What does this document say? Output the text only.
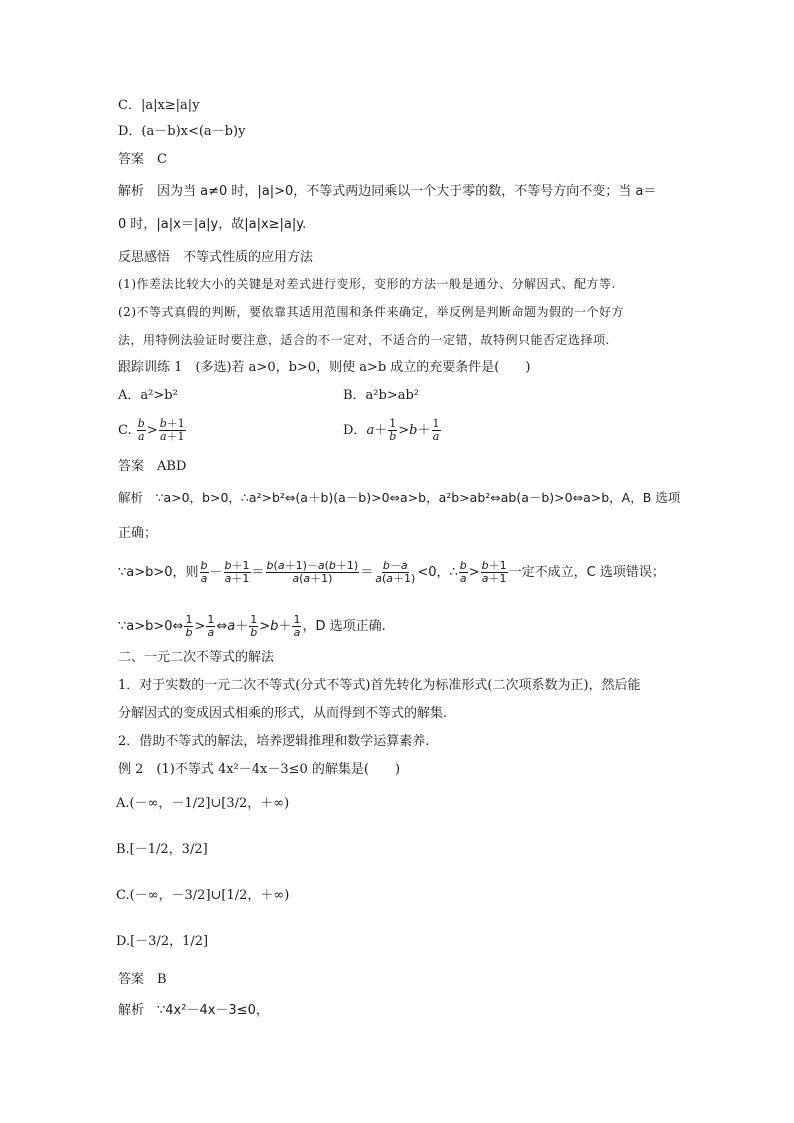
C．|a|x≥|a|y
D．(a－b)x<(a－b)y
答案　C
解析　因为当 a≠0 时，|a|>0，不等式两边同乘以一个大于零的数，不等号方向不变；当 a＝
0 时，|a|x＝|a|y，故|a|x≥|a|y.
反思感悟　不等式性质的应用方法
(1)作差法比较大小的关键是对差式进行变形，变形的方法一般是通分、分解因式、配方等.
(2)不等式真假的判断，要依靠其适用范围和条件来确定，举反例是判断命题为假的一个好方
法，用特例法验证时要注意，适合的不一定对，不适合的一定错，故特例只能否定选择项.
跟踪训练 1　(多选)若 a>0，b>0，则使 a>b 成立的充要条件是(　　)
A．a²>b²	B．a²b>ab²
C. $\frac{b}{a} > \frac{b+1}{a+1}$	D．$a+ \frac{1}{b} >b+ \frac{1}{a}$
答案　ABD
解析　∵a>0，b>0，∴a²>b²⇔(a＋b)(a－b)>0⇔a>b，a²b>ab²⇔ab(a－b)>0⇔a>b，A，B 选项
正确；
∵a>b>0，则 $\frac{b}{a} - \frac{b+1}{a+1} = \frac{b(a+1)-a(b+1)}{a(a+1)} = \frac{b-a}{a(a+1)} <0$，∴ $\frac{b}{a} > \frac{b+1}{a+1}$ 一定不成立，C 选项错误；
∵a>b>0⇔ $\frac{1}{b} > \frac{1}{a}$ ⇔a＋ $\frac{1}{b} >b+ \frac{1}{a}$ ，D 选项正确.
二、一元二次不等式的解法
1．对于实数的一元二次不等式(分式不等式)首先转化为标准形式(二次项系数为正)，然后能
分解因式的变成因式相乘的形式，从而得到不等式的解集.
2．借助不等式的解法，培养逻辑推理和数学运算素养.
例 2　(1)不等式 4x²－4x－3≤0 的解集是(　　)
A.(－∞，－1/2]∪[3/2，＋∞)
B.[－1/2，3/2]
C.(－∞，－3/2]∪[1/2，＋∞)
D.[－3/2，1/2]
答案　B
解析　∵4x²－4x－3≤0，
